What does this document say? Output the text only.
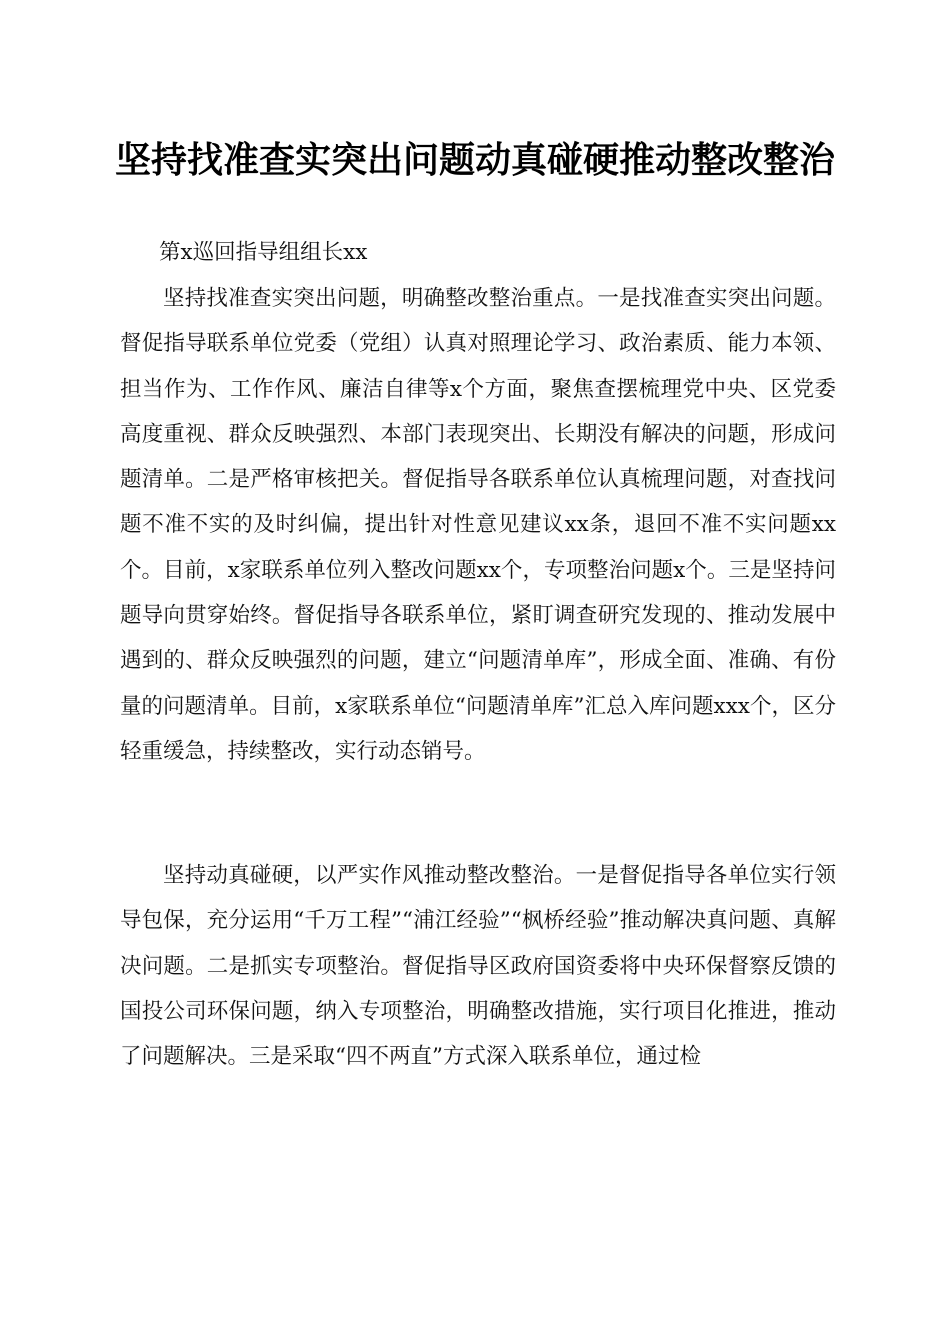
坚持找准查实突出问题动真碰硬推动整改整治
第x巡回指导组组长xx

坚持找准查实突出问题，明确整改整治重点。一是找准查实突出问题。督促指导联系单位党委（党组）认真对照理论学习、政治素质、能力本领、担当作为、工作作风、廉洁自律等x个方面，聚焦查摆梳理党中央、区党委高度重视、群众反映强烈、本部门表现突出、长期没有解决的问题，形成问题清单。二是严格审核把关。督促指导各联系单位认真梳理问题，对查找问题不准不实的及时纠偏，提出针对性意见建议xx条，退回不准不实问题xx个。目前，x家联系单位列入整改问题xx个，专项整治问题x个。三是坚持问题导向贯穿始终。督促指导各联系单位，紧盯调查研究发现的、推动发展中遇到的、群众反映强烈的问题，建立“问题清单库”，形成全面、准确、有份量的问题清单。目前，x家联系单位“问题清单库”汇总入库问题xxx个，区分轻重缓急，持续整改，实行动态销号。

坚持动真碰硬，以严实作风推动整改整治。一是督促指导各单位实行领导包保，充分运用“千万工程”“浦江经验”“枫桥经验”推动解决真问题、真解决问题。二是抓实专项整治。督促指导区政府国资委将中央环保督察反馈的国投公司环保问题，纳入专项整治，明确整改措施，实行项目化推进，推动了问题解决。三是采取“四不两直”方式深入联系单位，通过检
